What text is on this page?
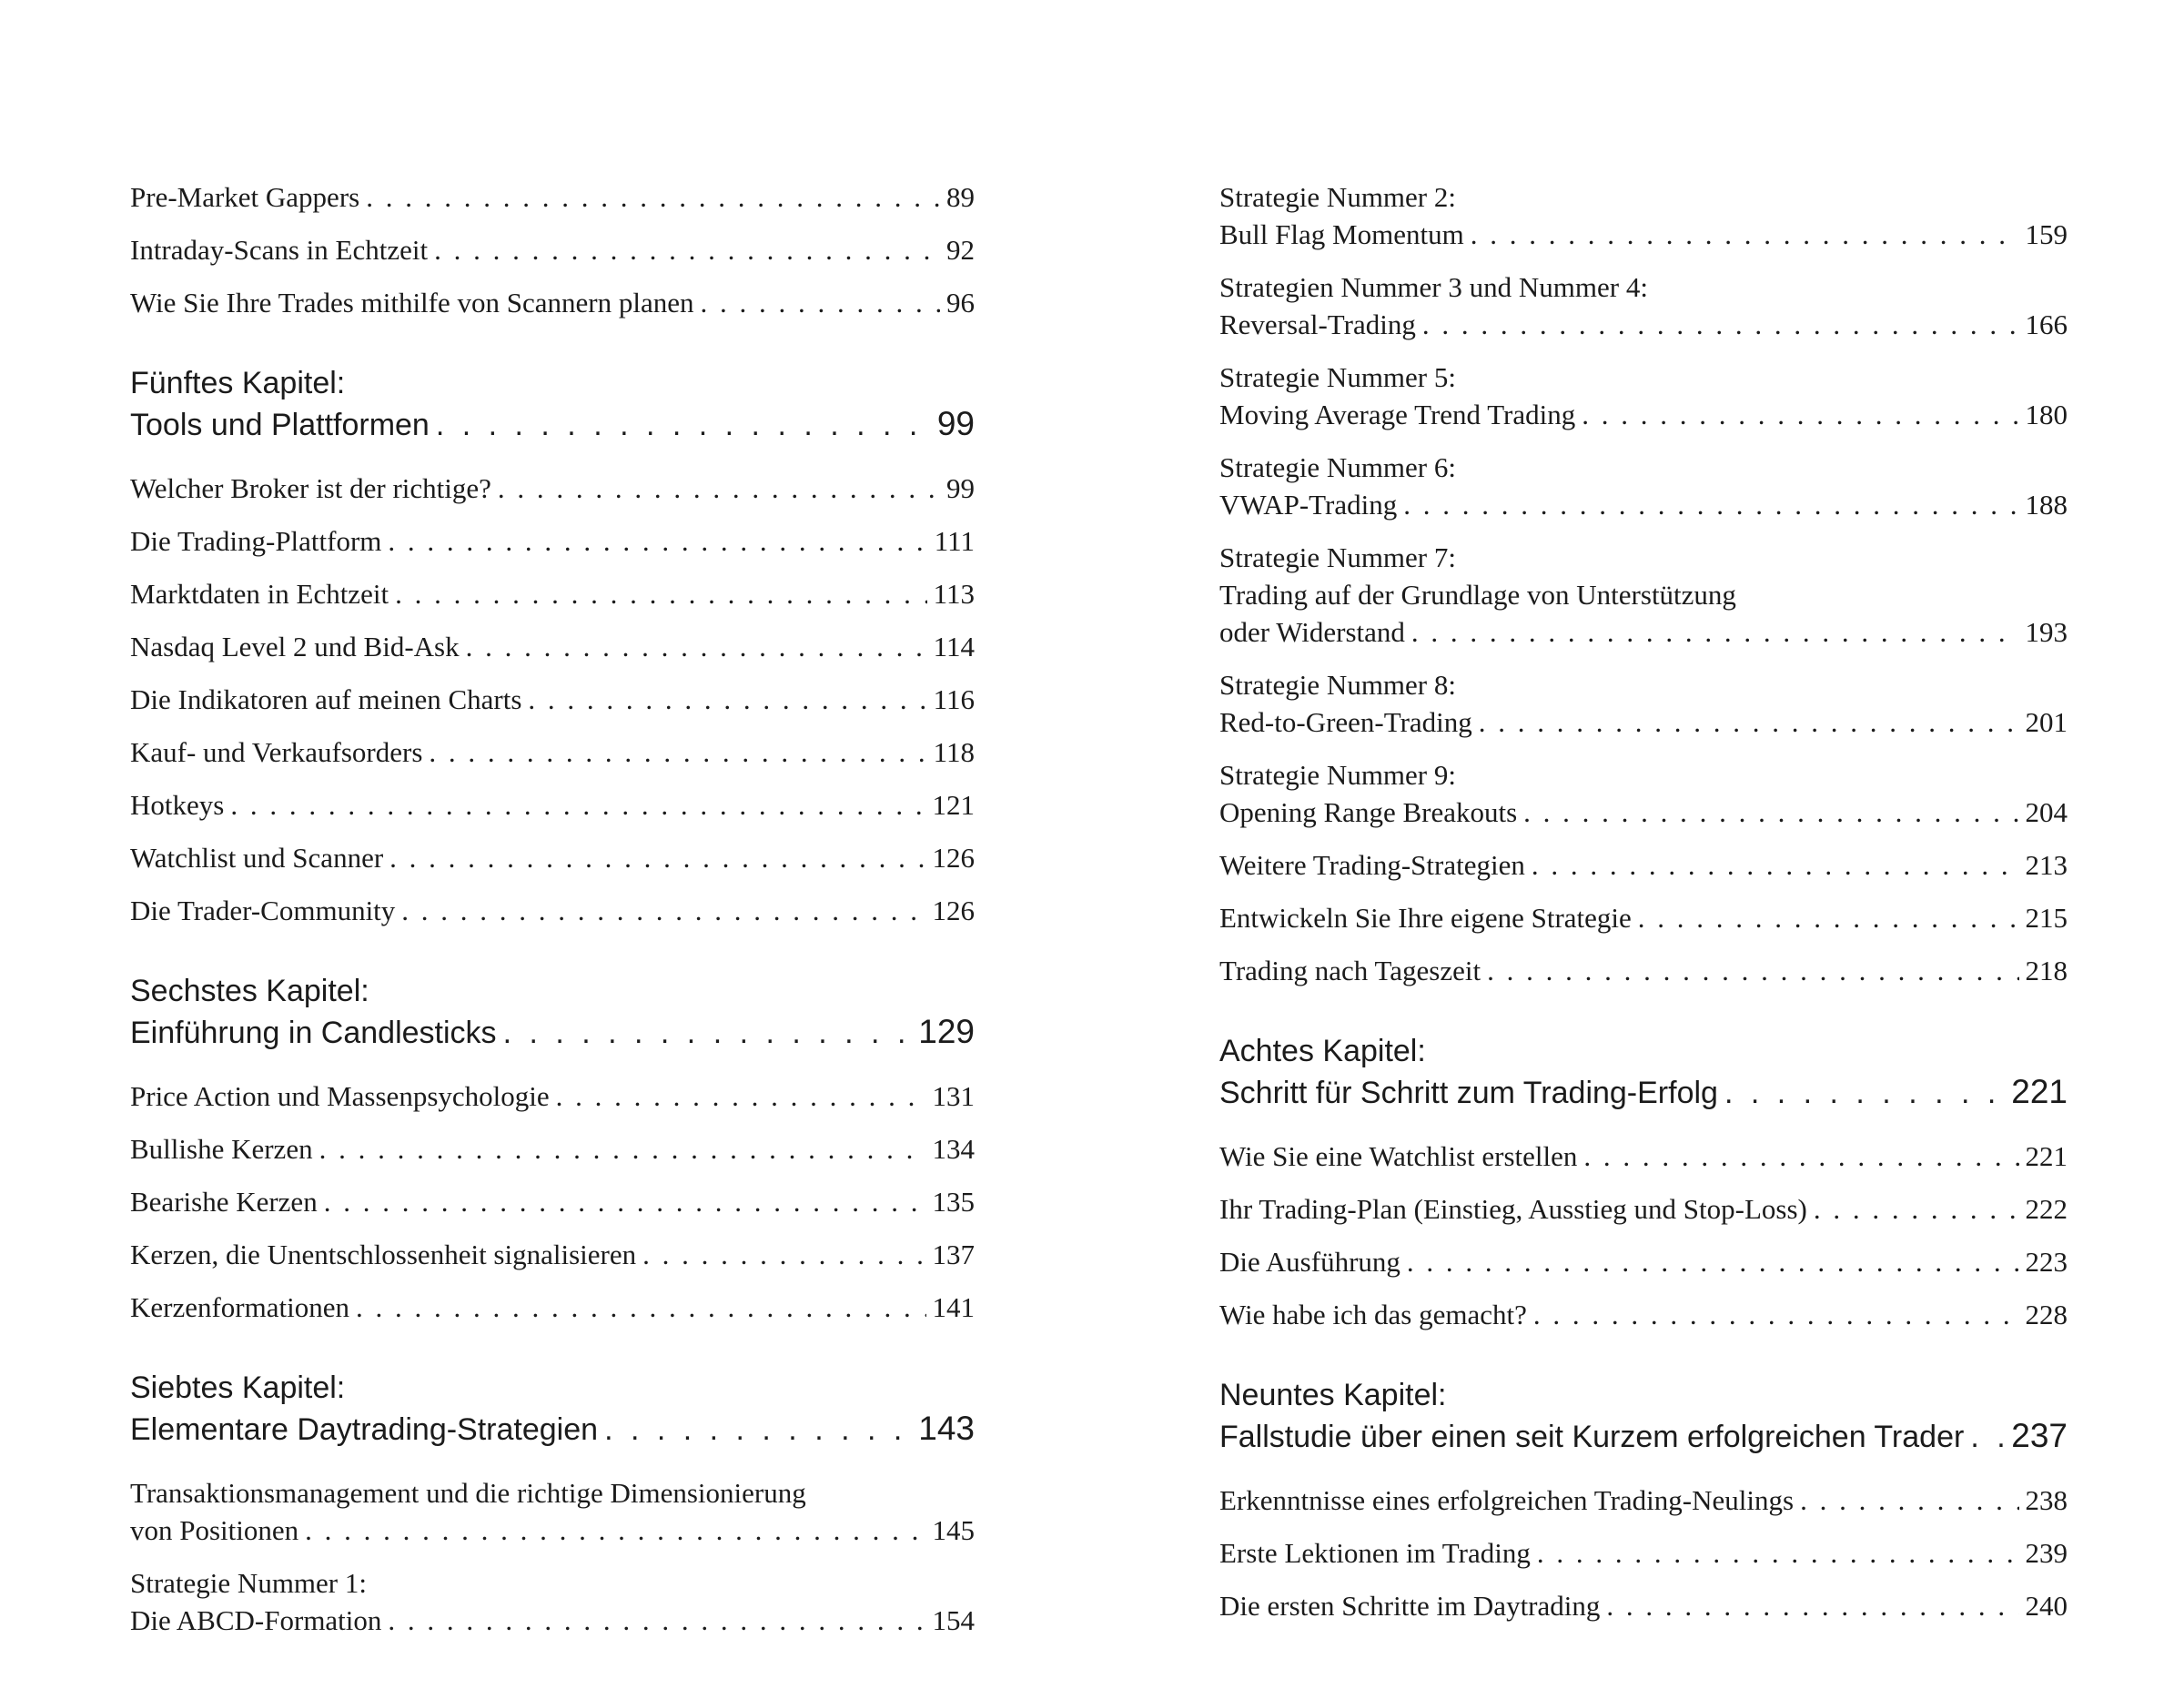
Pre-Market Gappers . . .	89
Intraday-Scans in Echtzeit . . .	92
Wie Sie Ihre Trades mithilfe von Scannern planen . . .	96
Fünftes Kapitel:
Tools und Plattformen . . .	99
Welcher Broker ist der richtige? . . .	99
Die Trading-Plattform . . .	111
Marktdaten in Echtzeit . . .	113
Nasdaq Level 2 und Bid-Ask . . .	114
Die Indikatoren auf meinen Charts . . .	116
Kauf- und Verkaufsorders . . .	118
Hotkeys . . .	121
Watchlist und Scanner . . .	126
Die Trader-Community . . .	126
Sechstes Kapitel:
Einführung in Candlesticks . . .	129
Price Action und Massenpsychologie . . .	131
Bullishe Kerzen . . .	134
Bearishe Kerzen . . .	135
Kerzen, die Unentschlossenheit signalisieren . . .	137
Kerzenformationen . . .	141
Siebtes Kapitel:
Elementare Daytrading-Strategien . . .	143
Transaktionsmanagement und die richtige Dimensionierung
von Positionen . . .	145
Strategie Nummer 1:
Die ABCD-Formation . . .	154
Strategie Nummer 2:
Bull Flag Momentum . . .	159
Strategien Nummer 3 und Nummer 4:
Reversal-Trading . . .	166
Strategie Nummer 5:
Moving Average Trend Trading . . .	180
Strategie Nummer 6:
VWAP-Trading . . .	188
Strategie Nummer 7:
Trading auf der Grundlage von Unterstützung
oder Widerstand . . .	193
Strategie Nummer 8:
Red-to-Green-Trading . . .	201
Strategie Nummer 9:
Opening Range Breakouts . . .	204
Weitere Trading-Strategien . . .	213
Entwickeln Sie Ihre eigene Strategie . . .	215
Trading nach Tageszeit . . .	218
Achtes Kapitel:
Schritt für Schritt zum Trading-Erfolg . . .	221
Wie Sie eine Watchlist erstellen . . .	221
Ihr Trading-Plan (Einstieg, Ausstieg und Stop-Loss) . . .	222
Die Ausführung . . .	223
Wie habe ich das gemacht? . . .	228
Neuntes Kapitel:
Fallstudie über einen seit Kurzem erfolgreichen Trader . . . 237
Erkenntnisse eines erfolgreichen Trading-Neulings . . .	238
Erste Lektionen im Trading . . .	239
Die ersten Schritte im Daytrading . . .	240
